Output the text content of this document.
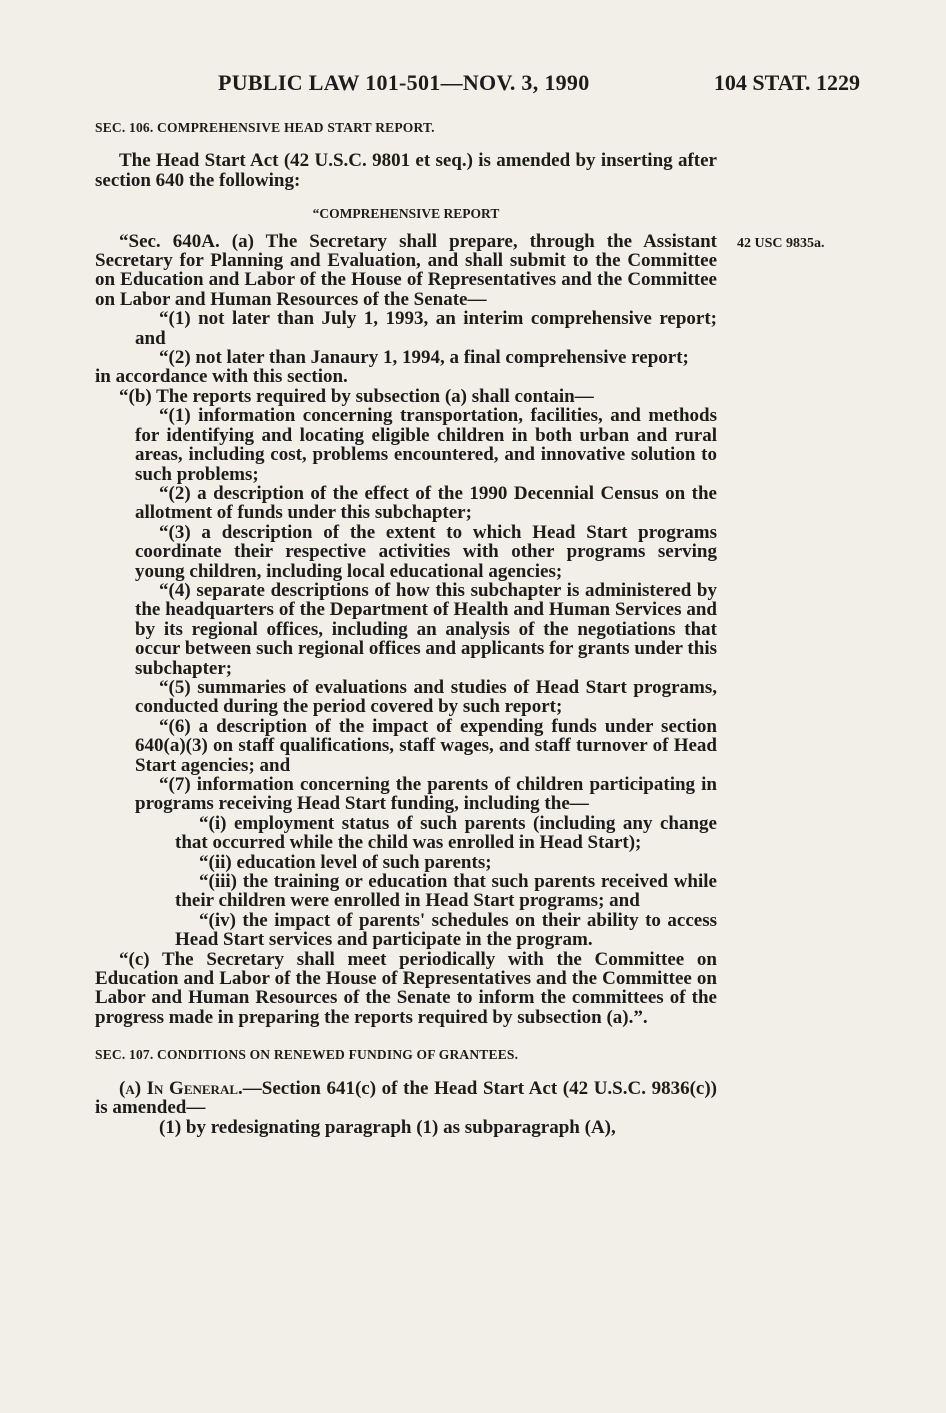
PUBLIC LAW 101-501—NOV. 3, 1990	104 STAT. 1229
42 USC 9835a.

SEC. 106. COMPREHENSIVE HEAD START REPORT.

The Head Start Act (42 U.S.C. 9801 et seq.) is amended by inserting after section 640 the following:

“COMPREHENSIVE REPORT

“Sec. 640A. (a) The Secretary shall prepare, through the Assistant Secretary for Planning and Evaluation, and shall submit to the Committee on Education and Labor of the House of Representatives and the Committee on Labor and Human Resources of the Senate—

“(1) not later than July 1, 1993, an interim comprehensive report; and

“(2) not later than Janaury 1, 1994, a final comprehensive report;

in accordance with this section.

“(b) The reports required by subsection (a) shall contain—

“(1) information concerning transportation, facilities, and methods for identifying and locating eligible children in both urban and rural areas, including cost, problems encountered, and innovative solution to such problems;

“(2) a description of the effect of the 1990 Decennial Census on the allotment of funds under this subchapter;

“(3) a description of the extent to which Head Start programs coordinate their respective activities with other programs serving young children, including local educational agencies;

“(4) separate descriptions of how this subchapter is administered by the headquarters of the Department of Health and Human Services and by its regional offices, including an analysis of the negotiations that occur between such regional offices and applicants for grants under this subchapter;

“(5) summaries of evaluations and studies of Head Start programs, conducted during the period covered by such report;

“(6) a description of the impact of expending funds under section 640(a)(3) on staff qualifications, staff wages, and staff turnover of Head Start agencies; and

“(7) information concerning the parents of children participating in programs receiving Head Start funding, including the—

“(i) employment status of such parents (including any change that occurred while the child was enrolled in Head Start);

“(ii) education level of such parents;

“(iii) the training or education that such parents received while their children were enrolled in Head Start programs; and

“(iv) the impact of parents' schedules on their ability to access Head Start services and participate in the program.

“(c) The Secretary shall meet periodically with the Committee on Education and Labor of the House of Representatives and the Committee on Labor and Human Resources of the Senate to inform the committees of the progress made in preparing the reports required by subsection (a).”.

SEC. 107. CONDITIONS ON RENEWED FUNDING OF GRANTEES.

(a) In General.—Section 641(c) of the Head Start Act (42 U.S.C. 9836(c)) is amended—

(1) by redesignating paragraph (1) as subparagraph (A),
